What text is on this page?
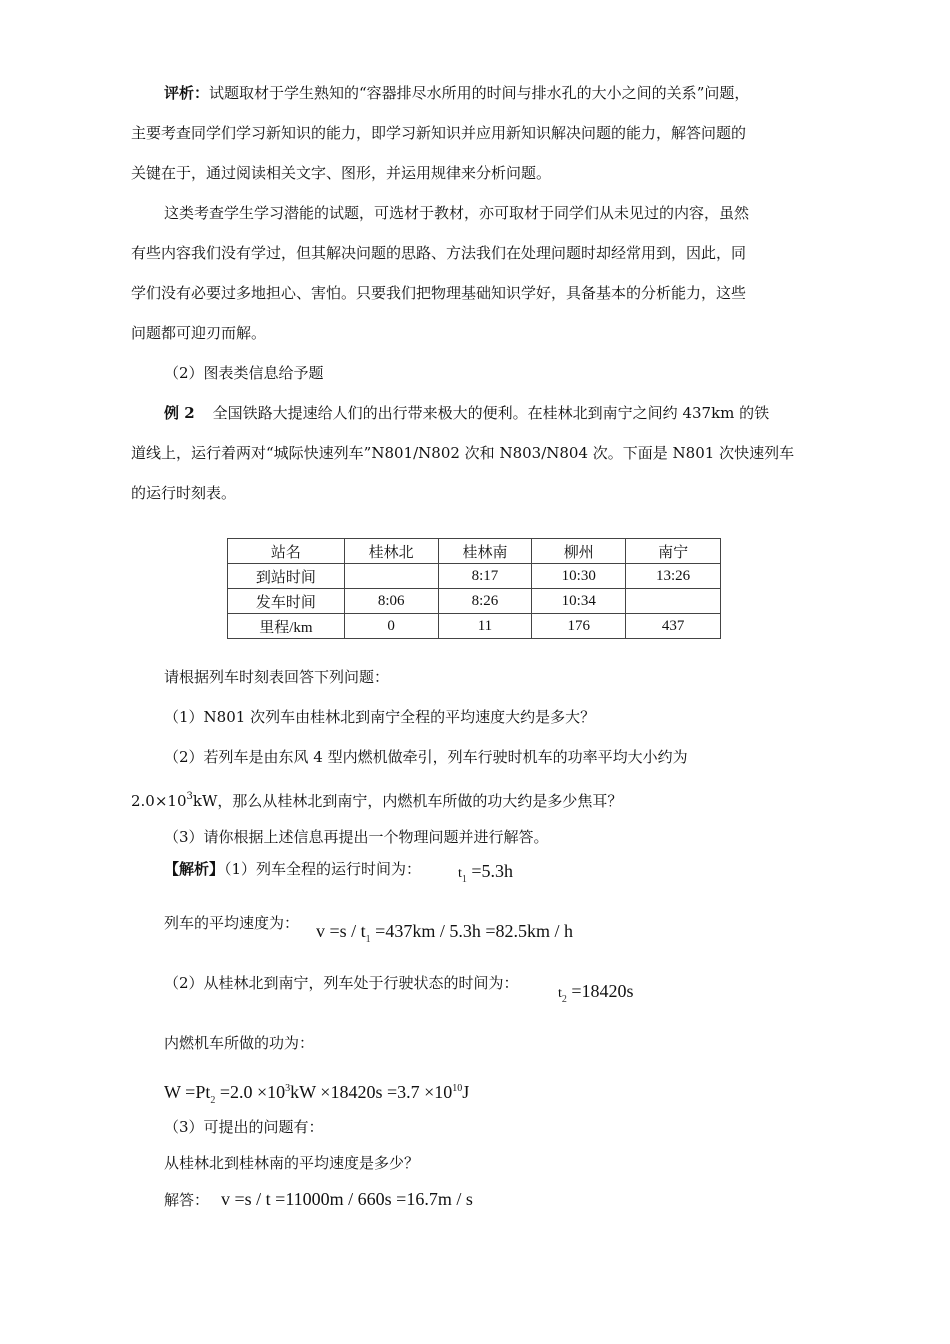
评析：试题取材于学生熟知的“容器排尽水所用的时间与排水孔的大小之间的关系”问题，
主要考查同学们学习新知识的能力，即学习新知识并应用新知识解决问题的能力，解答问题的
关键在于，通过阅读相关文字、图形，并运用规律来分析问题。
这类考查学生学习潜能的试题，可选材于教材，亦可取材于同学们从未见过的内容，虽然
有些内容我们没有学过，但其解决问题的思路、方法我们在处理问题时却经常用到，因此，同
学们没有必要过多地担心、害怕。只要我们把物理基础知识学好，具备基本的分析能力，这些
问题都可迎刃而解。
（2）图表类信息给予题
例 2 全国铁路大提速给人们的出行带来极大的便利。在桂林北到南宁之间约 437km 的铁
道线上，运行着两对“城际快速列车”N801/N802 次和 N803/N804 次。下面是 N801 次快速列车
的运行时刻表。
站名	桂林北	桂林南	柳州	南宁
到站时间		8:17	10:30	13:26
发车时间	8:06	8:26	10:34	
里程/km	0	11	176	437
请根据列车时刻表回答下列问题：
（1）N801 次列车由桂林北到南宁全程的平均速度大约是多大？
（2）若列车是由东风 4 型内燃机做牵引，列车行驶时机车的功率平均大小约为
$2.0\times 10^3kW$，那么从桂林北到南宁，内燃机车所做的功大约是多少焦耳？
（3）请你根据上述信息再提出一个物理问题并进行解答。
【解析】（1）列车全程的运行时间为：	$t_1 =5.3h$
列车的平均速度为： $v =s / t_1 =437km / 5.3h =82.5km / h$
（2）从桂林北到南宁，列车处于行驶状态的时间为：
$t_2 =18420s$
内燃机车所做的功为：
$W =Pt_2 =2.0 \times 10^3kW \times 18420s =3.7 \times 10^{10}J$
（3）可提出的问题有：
从桂林北到桂林南的平均速度是多少？
解答： v =s / t =11000m / 660s =16.7m / s
